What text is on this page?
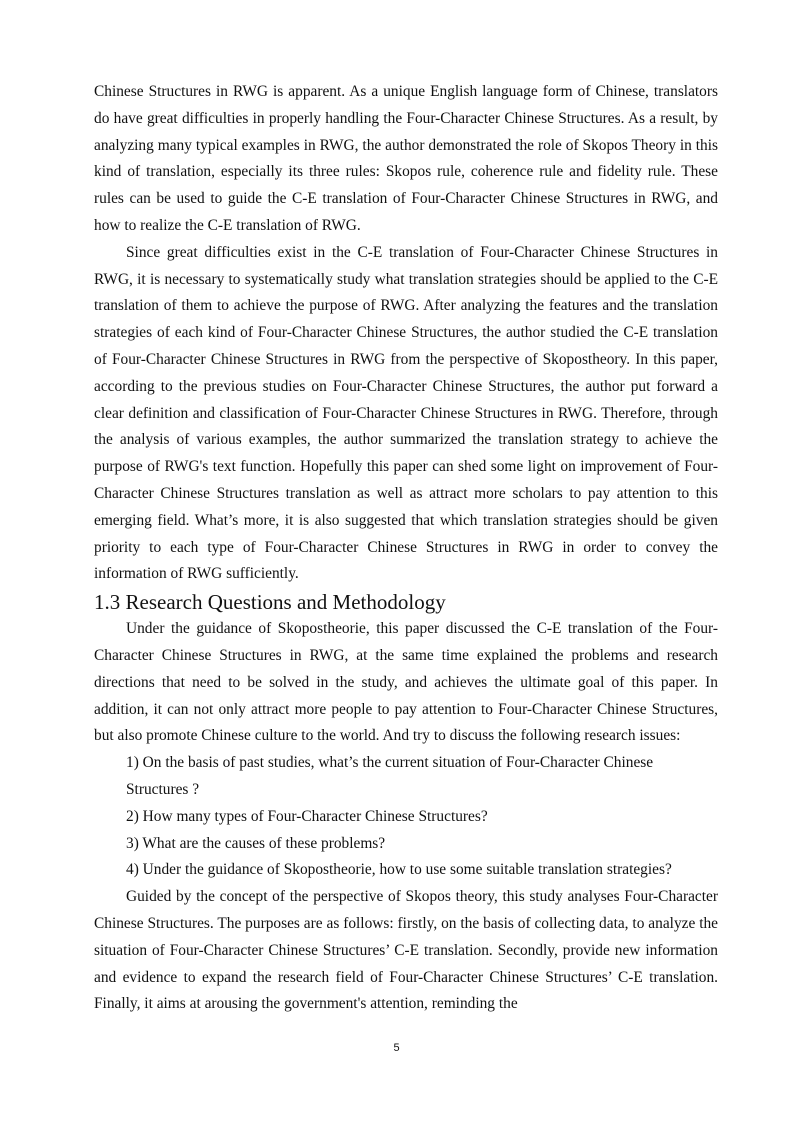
Chinese Structures in RWG is apparent. As a unique English language form of Chinese, translators do have great difficulties in properly handling the Four-Character Chinese Structures. As a result, by analyzing many typical examples in RWG, the author demonstrated the role of Skopos Theory in this kind of translation, especially its three rules: Skopos rule, coherence rule and fidelity rule. These rules can be used to guide the C-E translation of Four-Character Chinese Structures in RWG, and how to realize the C-E translation of RWG.

Since great difficulties exist in the C-E translation of Four-Character Chinese Structures in RWG, it is necessary to systematically study what translation strategies should be applied to the C-E translation of them to achieve the purpose of RWG. After analyzing the features and the translation strategies of each kind of Four-Character Chinese Structures, the author studied the C-E translation of Four-Character Chinese Structures in RWG from the perspective of Skopostheory. In this paper, according to the previous studies on Four-Character Chinese Structures, the author put forward a clear definition and classification of Four-Character Chinese Structures in RWG. Therefore, through the analysis of various examples, the author summarized the translation strategy to achieve the purpose of RWG's text function. Hopefully this paper can shed some light on improvement of Four-Character Chinese Structures translation as well as attract more scholars to pay attention to this emerging field. What’s more, it is also suggested that which translation strategies should be given priority to each type of Four-Character Chinese Structures in RWG in order to convey the information of RWG sufficiently.

1.3 Research Questions and Methodology

Under the guidance of Skopostheorie, this paper discussed the C-E translation of the Four-Character Chinese Structures in RWG, at the same time explained the problems and research directions that need to be solved in the study, and achieves the ultimate goal of this paper. In addition, it can not only attract more people to pay attention to Four-Character Chinese Structures, but also promote Chinese culture to the world. And try to discuss the following research issues:

1) On the basis of past studies, what’s the current situation of Four-Character Chinese Structures ?

2) How many types of Four-Character Chinese Structures?

3) What are the causes of these problems?

4) Under the guidance of Skopostheorie, how to use some suitable translation strategies?

Guided by the concept of the perspective of Skopos theory, this study analyses Four-Character Chinese Structures. The purposes are as follows: firstly, on the basis of collecting data, to analyze the situation of Four-Character Chinese Structures’ C-E translation. Secondly, provide new information and evidence to expand the research field of Four-Character Chinese Structures’ C-E translation. Finally, it aims at arousing the government's attention, reminding the

5
